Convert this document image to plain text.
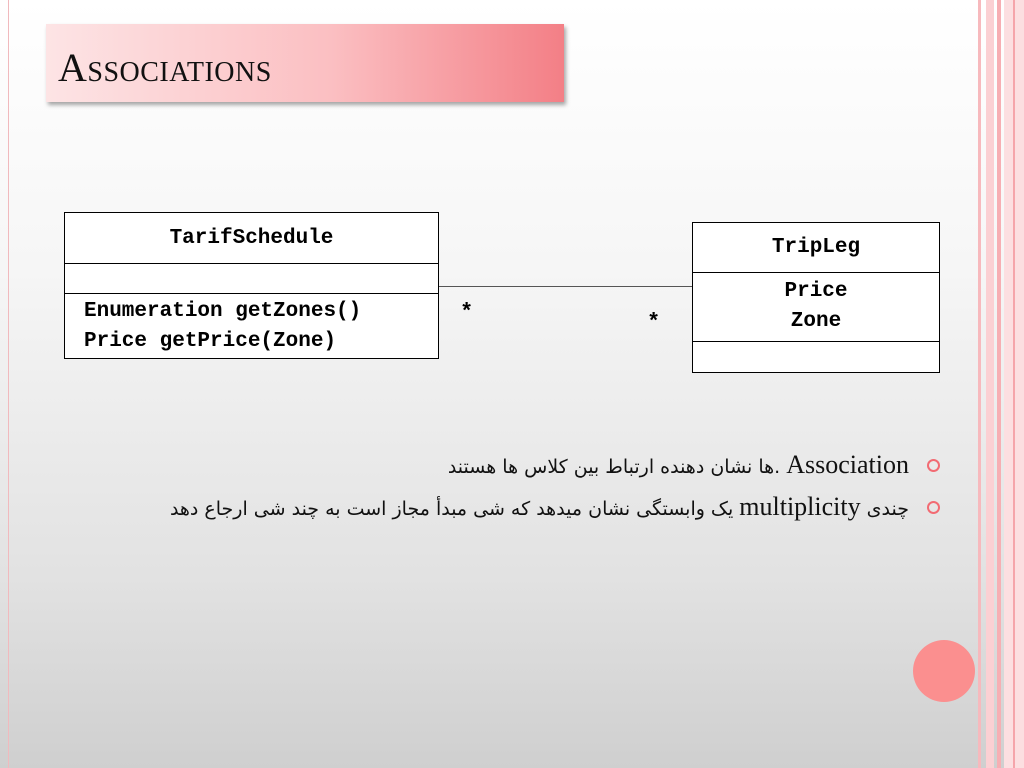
Associations
TarifSchedule
Enumeration getZones()
Price getPrice(Zone)
*	*
TripLeg
Price
Zone
Association .ها نشان دهنده ارتباط بین کلاس ها هستند
چندی multiplicity یک وابستگی نشان میدهد که شی مبدأ مجاز است به چند شی ارجاع دهد
